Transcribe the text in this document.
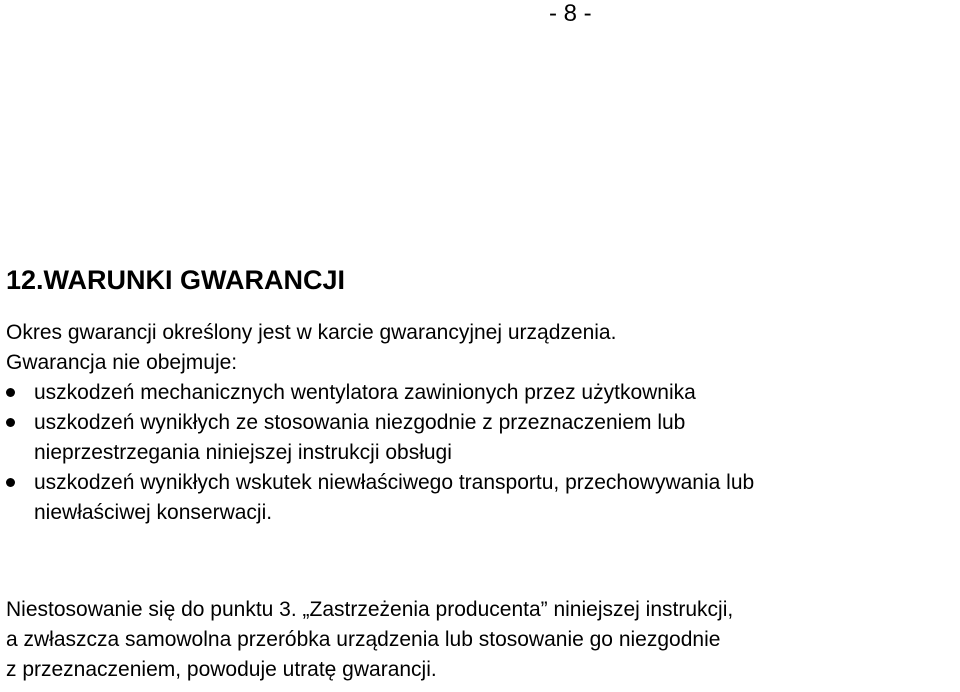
- 8 -
12.WARUNKI GWARANCJI
Okres gwarancji określony jest w karcie gwarancyjnej urządzenia.
Gwarancja nie obejmuje:
uszkodzeń mechanicznych wentylatora zawinionych przez użytkownika
uszkodzeń wynikłych ze stosowania niezgodnie z przeznaczeniem lub
nieprzestrzegania niniejszej instrukcji obsługi
uszkodzeń wynikłych wskutek niewłaściwego transportu, przechowywania lub
niewłaściwej konserwacji.
Niestosowanie się do punktu 3. „Zastrzeżenia producenta” niniejszej instrukcji,
a zwłaszcza samowolna przeróbka urządzenia lub stosowanie go niezgodnie
z przeznaczeniem, powoduje utratę gwarancji.
